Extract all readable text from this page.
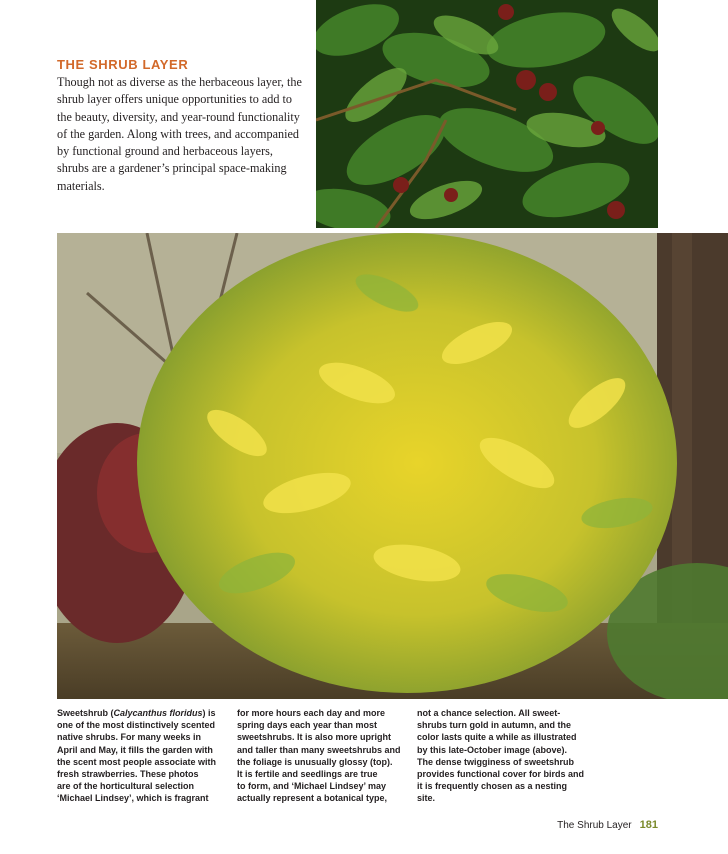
THE SHRUB LAYER

Though not as diverse as the herbaceous layer, the shrub layer offers unique opportunities to add to the beauty, diversity, and year-round functionality of the garden. Along with trees, and accompanied by functional ground and herbaceous layers, shrubs are a gardener’s principal space-making materials.

Sweetshrub (Calycanthus floridus) is
one of the most distinctively scented
native shrubs. For many weeks in
April and May, it fills the garden with
the scent most people associate with
fresh strawberries. These photos
are of the horticultural selection
‘Michael Lindsey’, which is fragrant

for more hours each day and more
spring days each year than most
sweetshrubs. It is also more upright
and taller than many sweetshrubs and
the foliage is unusually glossy (top).
It is fertile and seedlings are true
to form, and ‘Michael Lindsey’ may
actually represent a botanical type,

not a chance selection. All sweet-
shrubs turn gold in autumn, and the
color lasts quite a while as illustrated
by this late-October image (above).
The dense twigginess of sweetshrub
provides functional cover for birds and
it is frequently chosen as a nesting site.

The Shrub Layer 181
